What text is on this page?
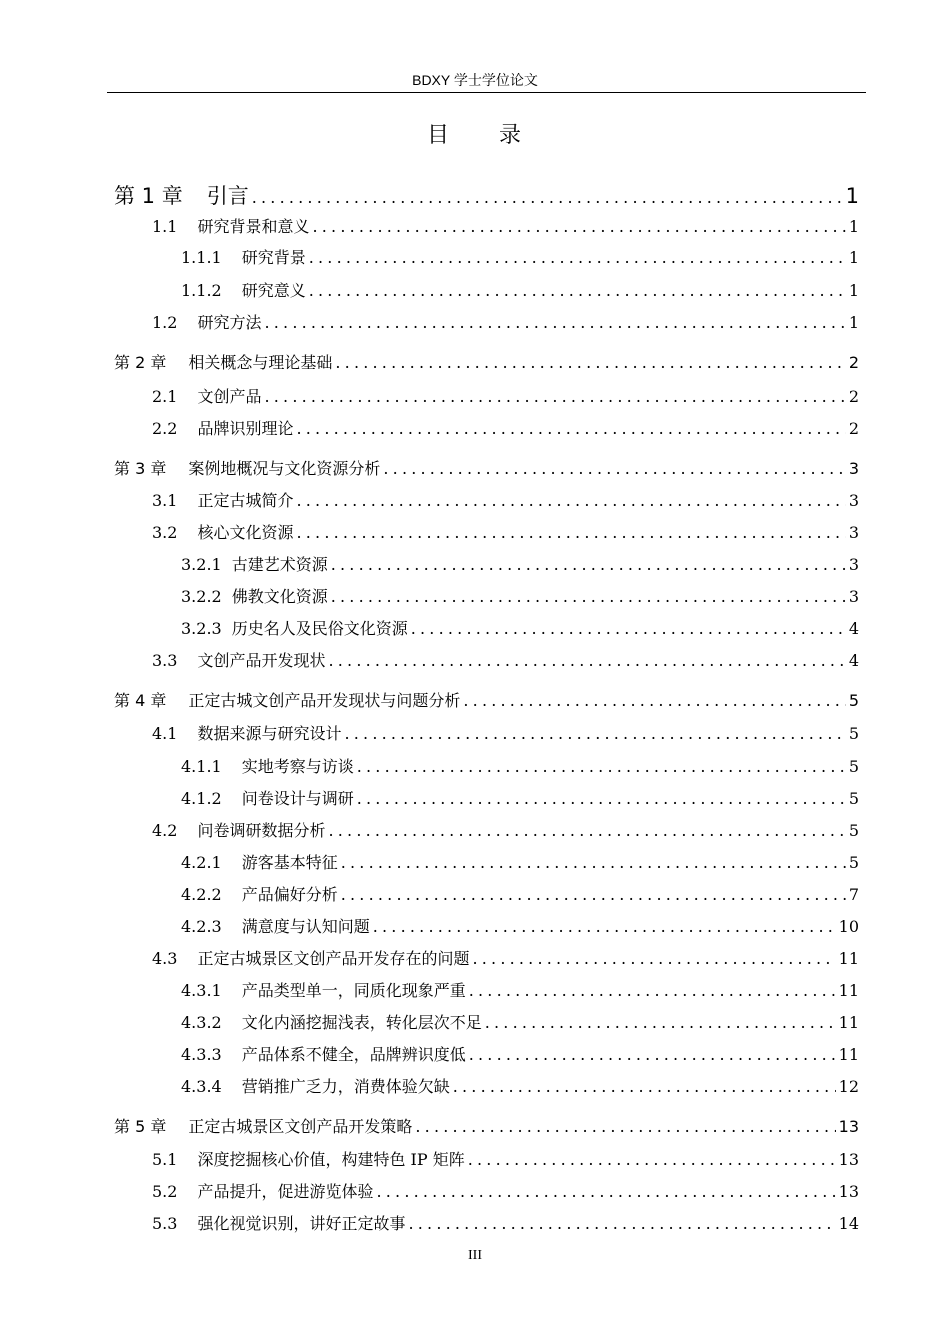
BDXY 学士学位论文
目　　录
第 1 章 引言 .....	1
1.1 研究背景和意义 .....	1
1.1.1 研究背景 .....	1
1.1.2 研究意义 .....	1
1.2 研究方法 .....	1
第 2 章 相关概念与理论基础 .....	2
2.1 文创产品 .....	2
2.2 品牌识别理论 .....	2
第 3 章 案例地概况与文化资源分析 .....	3
3.1 正定古城简介 .....	3
3.2 核心文化资源 .....	3
3.2.1 古建艺术资源 .....	3
3.2.2 佛教文化资源 .....	3
3.2.3 历史名人及民俗文化资源 .....	4
3.3 文创产品开发现状 .....	4
第 4 章 正定古城文创产品开发现状与问题分析 .....	5
4.1 数据来源与研究设计 .....	5
4.1.1 实地考察与访谈 .....	5
4.1.2 问卷设计与调研 .....	5
4.2 问卷调研数据分析 .....	5
4.2.1 游客基本特征 .....	5
4.2.2 产品偏好分析 .....	7
4.2.3 满意度与认知问题 .....	10
4.3 正定古城景区文创产品开发存在的问题 .....	11
4.3.1 产品类型单一，同质化现象严重 .....	11
4.3.2 文化内涵挖掘浅表，转化层次不足 .....	11
4.3.3 产品体系不健全，品牌辨识度低 .....	11
4.3.4 营销推广乏力，消费体验欠缺 .....	12
第 5 章 正定古城景区文创产品开发策略 .....	13
5.1 深度挖掘核心价值，构建特色 IP 矩阵 .....	13
5.2 产品提升，促进游览体验 .....	13
5.3 强化视觉识别，讲好正定故事 .....	14
III
